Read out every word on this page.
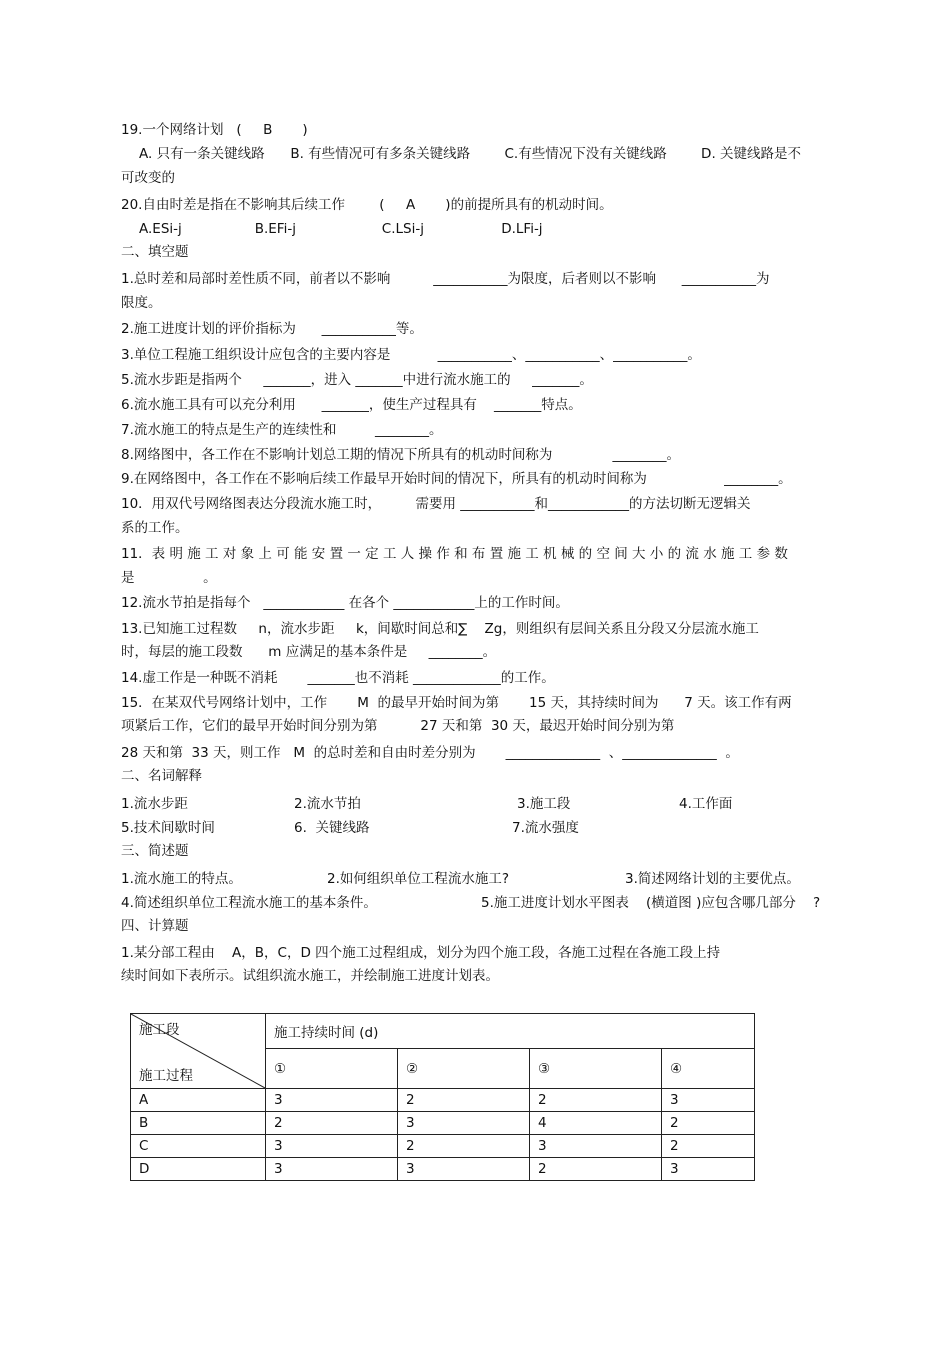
19.一个网络计划   (     B       )
A. 只有一条关键线路      B. 有些情况可有多条关键线路        C.有些情况下没有关键线路        D. 关键线路是不
可改变的
20.自由时差是指在不影响其后续工作        (     A       )的前提所具有的机动时间。
A.ESi-j                 B.EFi-j                    C.LSi-j                  D.LFi-j
二、填空题
1.总时差和局部时差性质不同，前者以不影响          ___________为限度，后者则以不影响      ___________为
限度。
2.施工进度计划的评价指标为      ___________等。
3.单位工程施工组织设计应包含的主要内容是           ___________、___________、___________。
5.流水步距是指两个     _______，进入 _______中进行流水施工的     _______。
6.流水施工具有可以充分利用      _______，使生产过程具有    _______特点。
7.流水施工的特点是生产的连续性和         ________。
8.网络图中，各工作在不影响计划总工期的情况下所具有的机动时间称为              ________。
9.在网络图中，各工作在不影响后续工作最早开始时间的情况下，所具有的机动时间称为                  ________。
10．用双代号网络图表达分段流水施工时，        需要用 ___________和____________的方法切断无逻辑关
系的工作。
11．表 明 施 工 对 象 上 可 能 安 置 一 定 工 人 操 作 和 布 置 施 工 机 械 的 空 间 大 小 的 流 水 施 工 参 数
是                。
12.流水节拍是指每个   ____________ 在各个 ____________上的工作时间。
13.已知施工过程数     n，流水步距     k，间歇时间总和∑    Zg，则组织有层间关系且分段又分层流水施工
时，每层的施工段数      m 应满足的基本条件是     ________。
14.虚工作是一种既不消耗       _______也不消耗 _____________的工作。
15．在某双代号网络计划中，工作       M  的最早开始时间为第       15 天，其持续时间为      7 天。该工作有两
项紧后工作，它们的最早开始时间分别为第          27 天和第  30 天，最迟开始时间分别为第
28 天和第  33 天，则工作   M  的总时差和自由时差分别为       ______________  、______________  。
二、名词解释
1.流水步距	2.流水节拍	3.施工段	4.工作面
5.技术间歇时间	6.  关键线路	7.流水强度
三、简述题
1.流水施工的特点。	2.如何组织单位工程流水施工?	3.简述网络计划的主要优点。
4.简述组织单位工程流水施工的基本条件。	5.施工进度计划水平图表    (横道图 )应包含哪几部分    ?
四、计算题
1.某分部工程由    A，B，C，D 四个施工过程组成，划分为四个施工段，各施工过程在各施工段上持
续时间如下表所示。试组织流水施工，并绘制施工进度计划表。
施工段
施工过程	施工持续时间 (d)			
	①	②	③	④
A	3	2	2	3
B	2	3	4	2
C	3	2	3	2
D	3	3	2	3
